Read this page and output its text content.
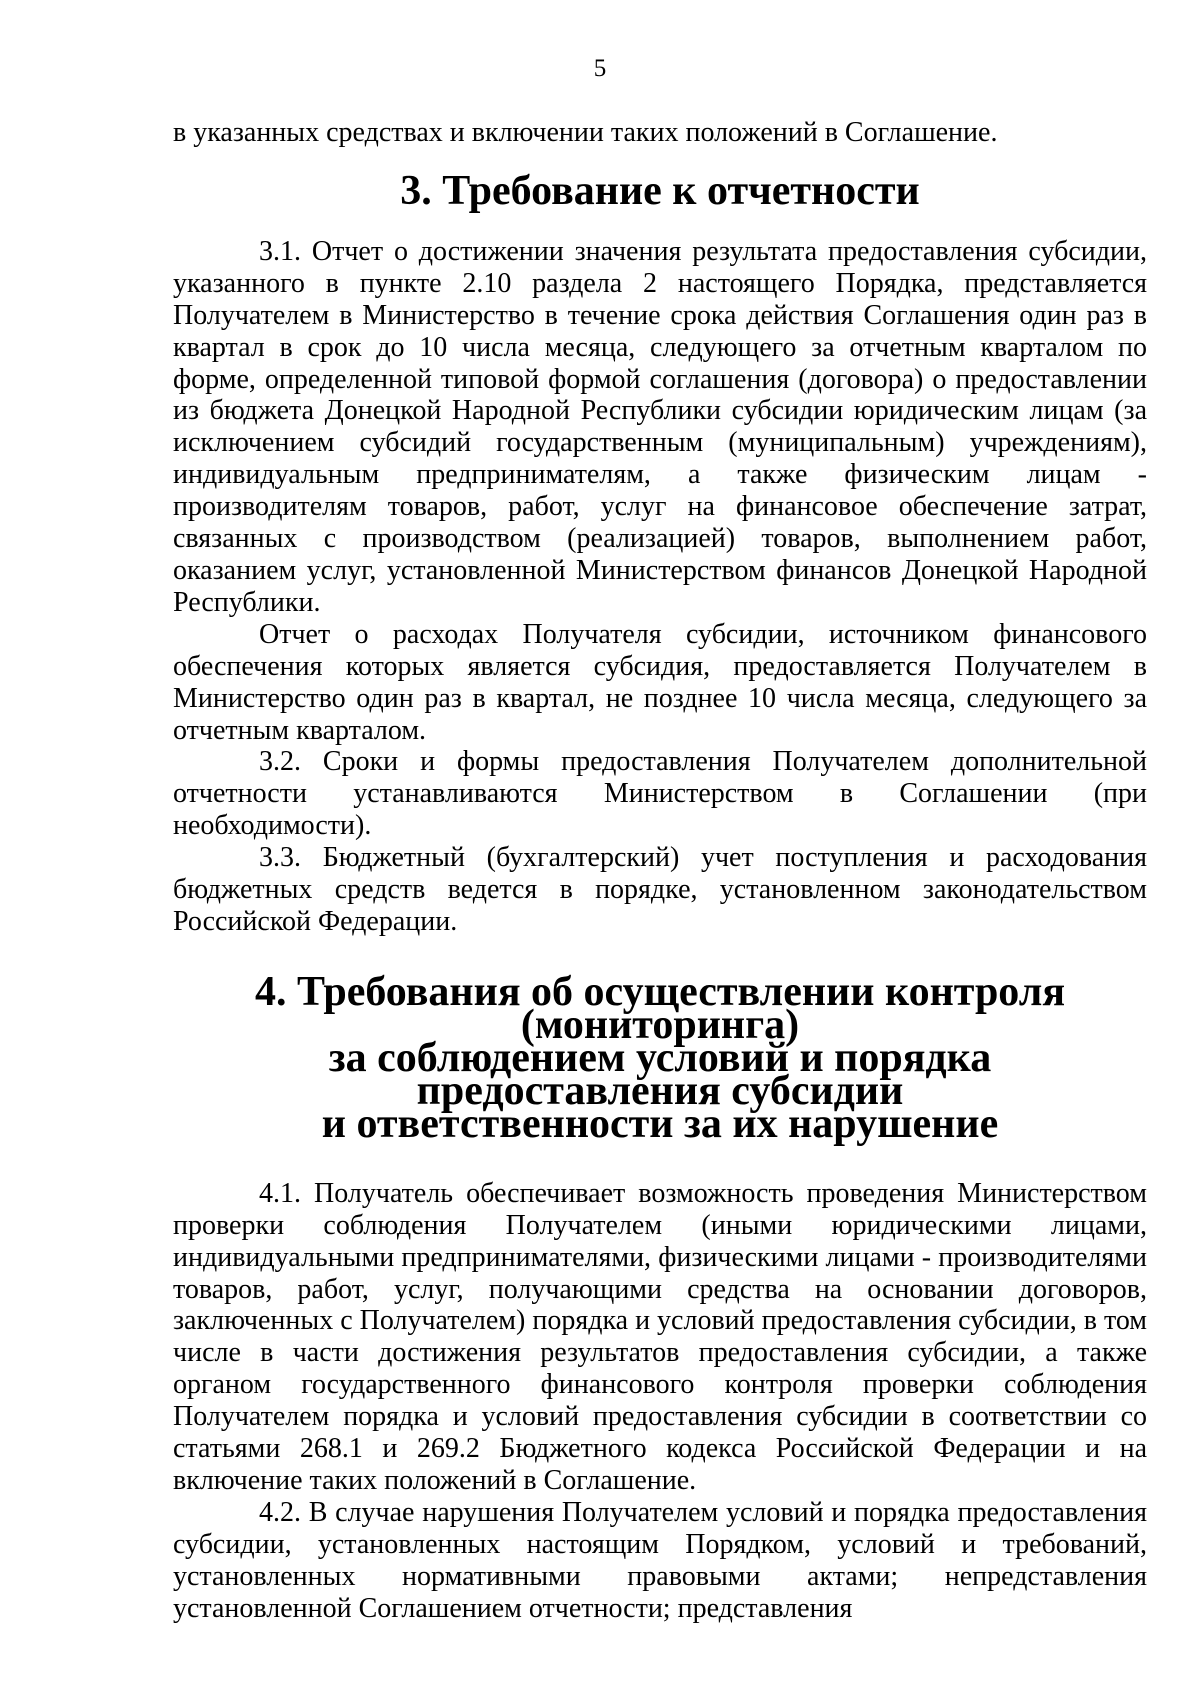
5

в указанных средствах и включении таких положений в Соглашение.

3. Требование к отчетности

3.1. Отчет о достижении значения результата предоставления субсидии, указанного в пункте 2.10 раздела 2 настоящего Порядка, представляется Получателем в Министерство в течение срока действия Соглашения один раз в квартал в срок до 10 числа месяца, следующего за отчетным кварталом по форме, определенной типовой формой соглашения (договора) о предоставлении из бюджета Донецкой Народной Республики субсидии юридическим лицам (за исключением субсидий государственным (муниципальным) учреждениям), индивидуальным предпринимателям, а также физическим лицам - производителям товаров, работ, услуг на финансовое обеспечение затрат, связанных с производством (реализацией) товаров, выполнением работ, оказанием услуг, установленной Министерством финансов Донецкой Народной Республики.

Отчет о расходах Получателя субсидии, источником финансового обеспечения которых является субсидия, предоставляется Получателем в Министерство один раз в квартал, не позднее 10 числа месяца, следующего за отчетным кварталом.

3.2. Сроки и формы предоставления Получателем дополнительной отчетности устанавливаются Министерством в Соглашении (при необходимости).

3.3. Бюджетный (бухгалтерский) учет поступления и расходования бюджетных средств ведется в порядке, установленном законодательством Российской Федерации.

4. Требования об осуществлении контроля (мониторинга)
за соблюдением условий и порядка предоставления субсидии
и ответственности за их нарушение

4.1. Получатель обеспечивает возможность проведения Министерством проверки соблюдения Получателем (иными юридическими лицами, индивидуальными предпринимателями, физическими лицами - производителями товаров, работ, услуг, получающими средства на основании договоров, заключенных с Получателем) порядка и условий предоставления субсидии, в том числе в части достижения результатов предоставления субсидии, а также органом государственного финансового контроля проверки соблюдения Получателем порядка и условий предоставления субсидии в соответствии со статьями 268.1 и 269.2 Бюджетного кодекса Российской Федерации и на включение таких положений в Соглашение.

4.2. В случае нарушения Получателем условий и порядка предоставления субсидии, установленных настоящим Порядком, условий и требований, установленных нормативными правовыми актами; непредставления установленной Соглашением отчетности; представления
